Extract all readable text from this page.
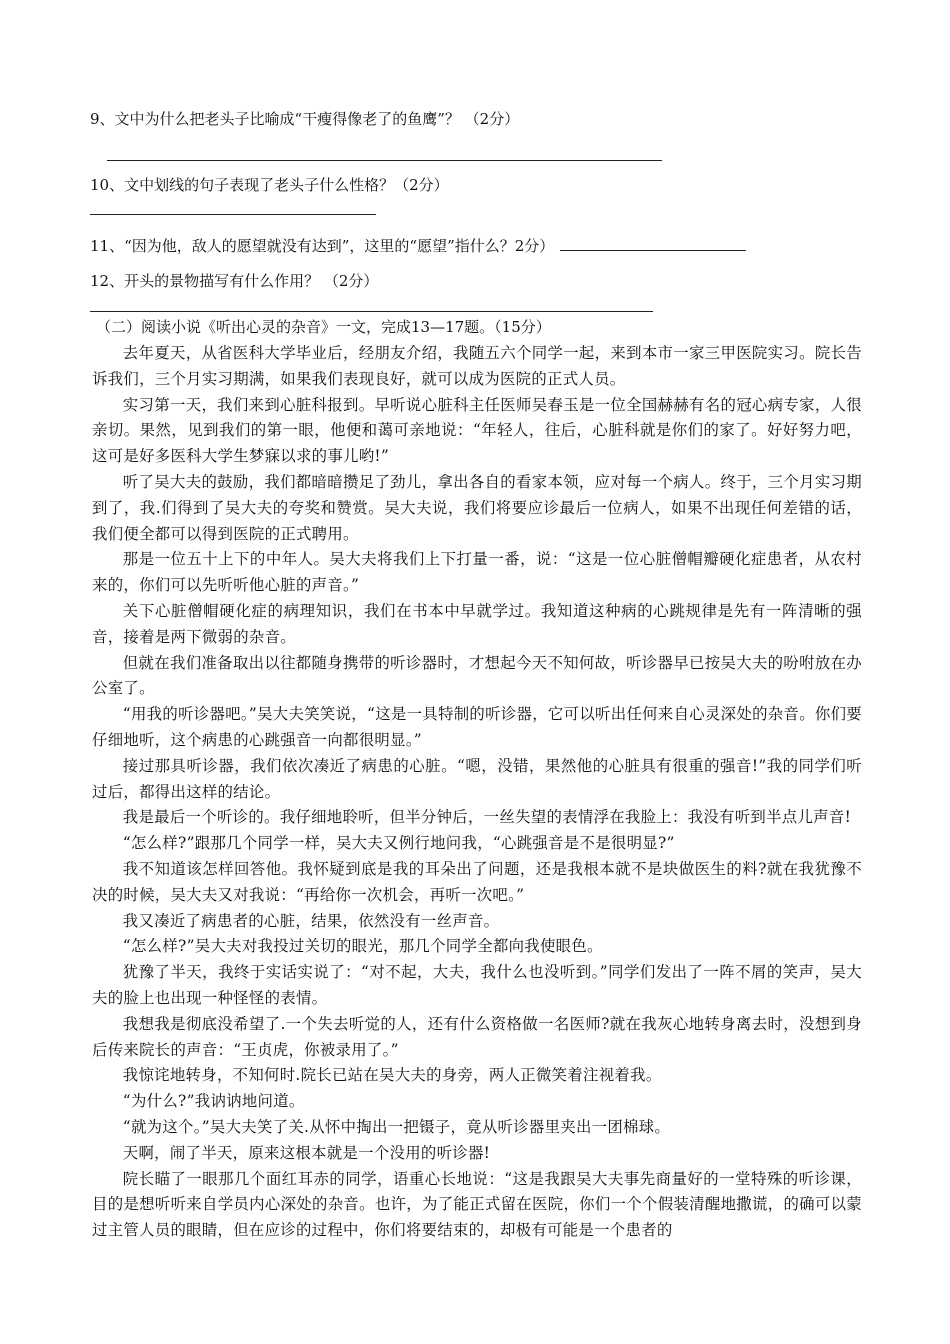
9、文中为什么把老头子比喻成“干瘦得像老了的鱼鹰”？ （2分）
10、文中划线的句子表现了老头子什么性格？（2分）
11、“因为他，敌人的愿望就没有达到”，这里的“愿望”指什么？2分）
12、开头的景物描写有什么作用？ （2分）
（二）阅读小说《听出心灵的杂音》一文，完成13—17题。（15分）

去年夏天，从省医科大学毕业后，经朋友介绍，我随五六个同学一起，来到本市一家三甲医院实习。院长告诉我们，三个月实习期满，如果我们表现良好，就可以成为医院的正式人员。

实习第一天，我们来到心脏科报到。早听说心脏科主任医师吴春玉是一位全国赫赫有名的冠心病专家，人很亲切。果然，见到我们的第一眼，他便和蔼可亲地说：“年轻人，往后，心脏科就是你们的家了。好好努力吧，这可是好多医科大学生梦寐以求的事儿哟!”

听了吴大夫的鼓励，我们都暗暗攒足了劲儿，拿出各自的看家本领，应对每一个病人。终于，三个月实习期到了，我.们得到了吴大夫的夸奖和赞赏。吴大夫说，我们将要应诊最后一位病人，如果不出现任何差错的话，我们便全都可以得到医院的正式聘用。

那是一位五十上下的中年人。吴大夫将我们上下打量一番，说：“这是一位心脏僧帽瓣硬化症患者，从农村来的，你们可以先听听他心脏的声音。”

关下心脏僧帽硬化症的病理知识，我们在书本中早就学过。我知道这种病的心跳规律是先有一阵清晰的强音，接着是两下微弱的杂音。

但就在我们准备取出以往都随身携带的听诊器时，才想起今天不知何故，听诊器早已按吴大夫的吩咐放在办公室了。

“用我的听诊器吧。”吴大夫笑笑说，“这是一具特制的听诊器，它可以听出任何来自心灵深处的杂音。你们要仔细地听，这个病患的心跳强音一向都很明显。”

接过那具听诊器，我们依次凑近了病患的心脏。“嗯，没错，果然他的心脏具有很重的强音!”我的同学们听过后，都得出这样的结论。

我是最后一个听诊的。我仔细地聆听，但半分钟后，一丝失望的表情浮在我脸上：我没有听到半点儿声音!

“怎么样?”跟那几个同学一样，吴大夫又例行地问我，“心跳强音是不是很明显?”

我不知道该怎样回答他。我怀疑到底是我的耳朵出了问题，还是我根本就不是块做医生的料?就在我犹豫不决的时候，吴大夫又对我说：“再给你一次机会，再听一次吧。”

我又凑近了病患者的心脏，结果，依然没有一丝声音。

“怎么样?”吴大夫对我投过关切的眼光，那几个同学全都向我使眼色。

犹豫了半天，我终于实话实说了：“对不起，大夫，我什么也没听到。”同学们发出了一阵不屑的笑声，吴大夫的脸上也出现一种怪怪的表情。

我想我是彻底没希望了.一个失去听觉的人，还有什么资格做一名医师?就在我灰心地转身离去时，没想到身后传来院长的声音：“王贞虎，你被录用了。”

我惊诧地转身，不知何时.院长已站在吴大夫的身旁，两人正微笑着注视着我。

“为什么?”我讷讷地问道。

“就为这个。”吴大夫笑了关.从怀中掏出一把镊子，竟从听诊器里夹出一团棉球。

天啊，闹了半天，原来这根本就是一个没用的听诊器!

院长瞄了一眼那几个面红耳赤的同学，语重心长地说：“这是我跟吴大夫事先商量好的一堂特殊的听诊课，目的是想听听来自学员内心深处的杂音。也许，为了能正式留在医院，你们一个个假装清醒地撒谎，的确可以蒙过主管人员的眼睛，但在应诊的过程中，你们将要结束的，却极有可能是一个患者的
